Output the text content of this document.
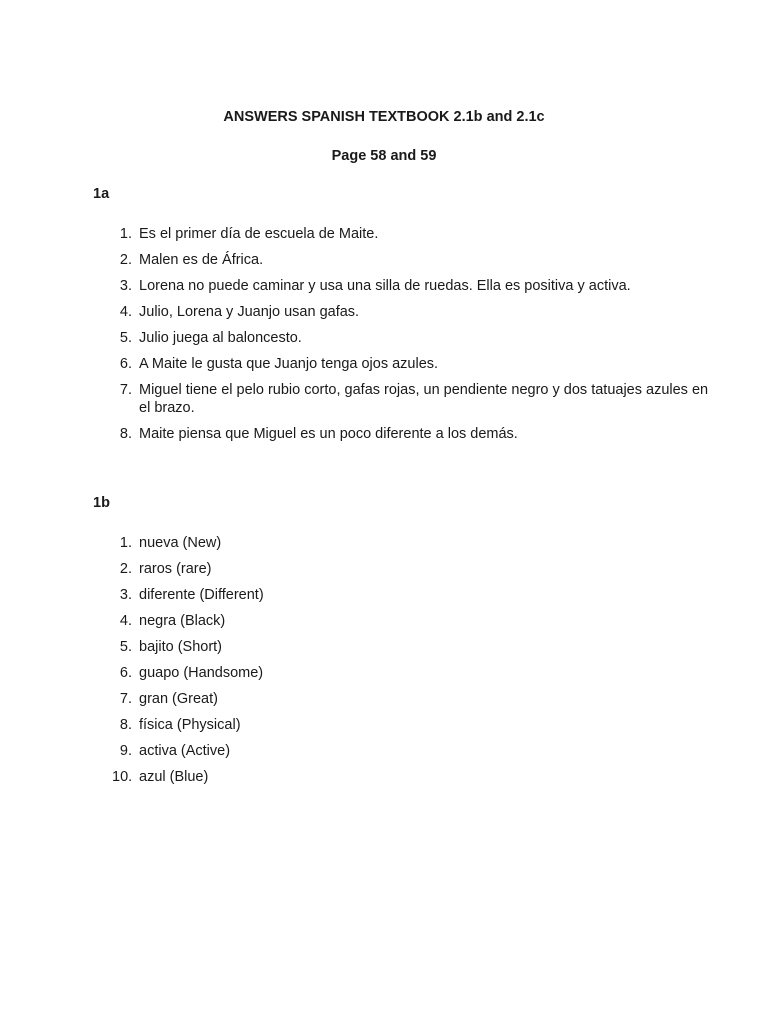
ANSWERS SPANISH TEXTBOOK 2.1b and 2.1c
Page 58 and 59
1a
1. Es el primer día de escuela de Maite.
2. Malen es de África.
3. Lorena no puede caminar y usa una silla de ruedas. Ella es positiva y activa.
4. Julio, Lorena y Juanjo usan gafas.
5. Julio juega al baloncesto.
6. A Maite le gusta que Juanjo tenga ojos azules.
7. Miguel tiene el pelo rubio corto, gafas rojas, un pendiente negro y dos tatuajes azules en el brazo.
8. Maite piensa que Miguel es un poco diferente a los demás.
1b
1. nueva (New)
2. raros (rare)
3. diferente (Different)
4. negra (Black)
5. bajito (Short)
6. guapo (Handsome)
7. gran (Great)
8. física (Physical)
9. activa (Active)
10. azul (Blue)
